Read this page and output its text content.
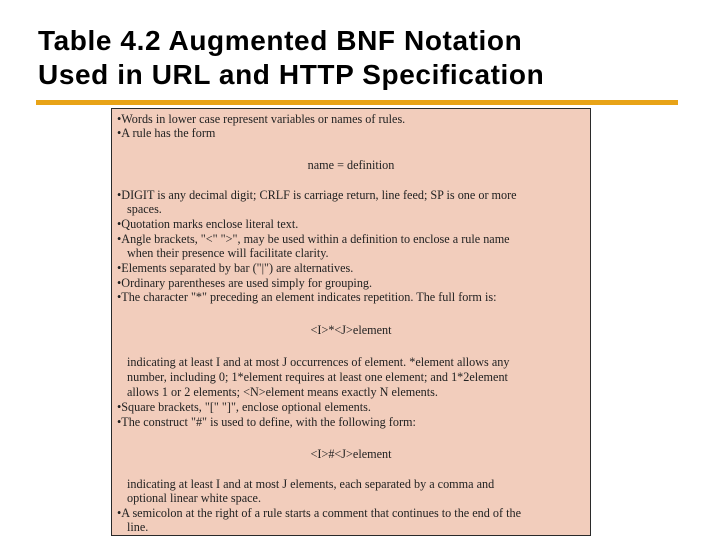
Table 4.2 Augmented BNF Notation
Used in URL and HTTP Specification
•Words in lower case represent variables or names of rules.
•A rule has the form
name = definition
•DIGIT is any decimal digit; CRLF is carriage return, line feed; SP is one or more
spaces.
•Quotation marks enclose literal text.
•Angle brackets, "<" ">", may be used within a definition to enclose a rule name
when their presence will facilitate clarity.
•Elements separated by bar ("|") are alternatives.
•Ordinary parentheses are used simply for grouping.
•The character "*" preceding an element indicates repetition. The full form is:
<I>*<J>element
indicating at least I and at most J occurrences of element. *element allows any
number, including 0; 1*element requires at least one element; and 1*2element
allows 1 or 2 elements; <N>element means exactly N elements.
•Square brackets, "[" "]", enclose optional elements.
•The construct "#" is used to define, with the following form:
<I>#<J>element
indicating at least I and at most J elements, each separated by a comma and
optional linear white space.
•A semicolon at the right of a rule starts a comment that continues to the end of the
line.
